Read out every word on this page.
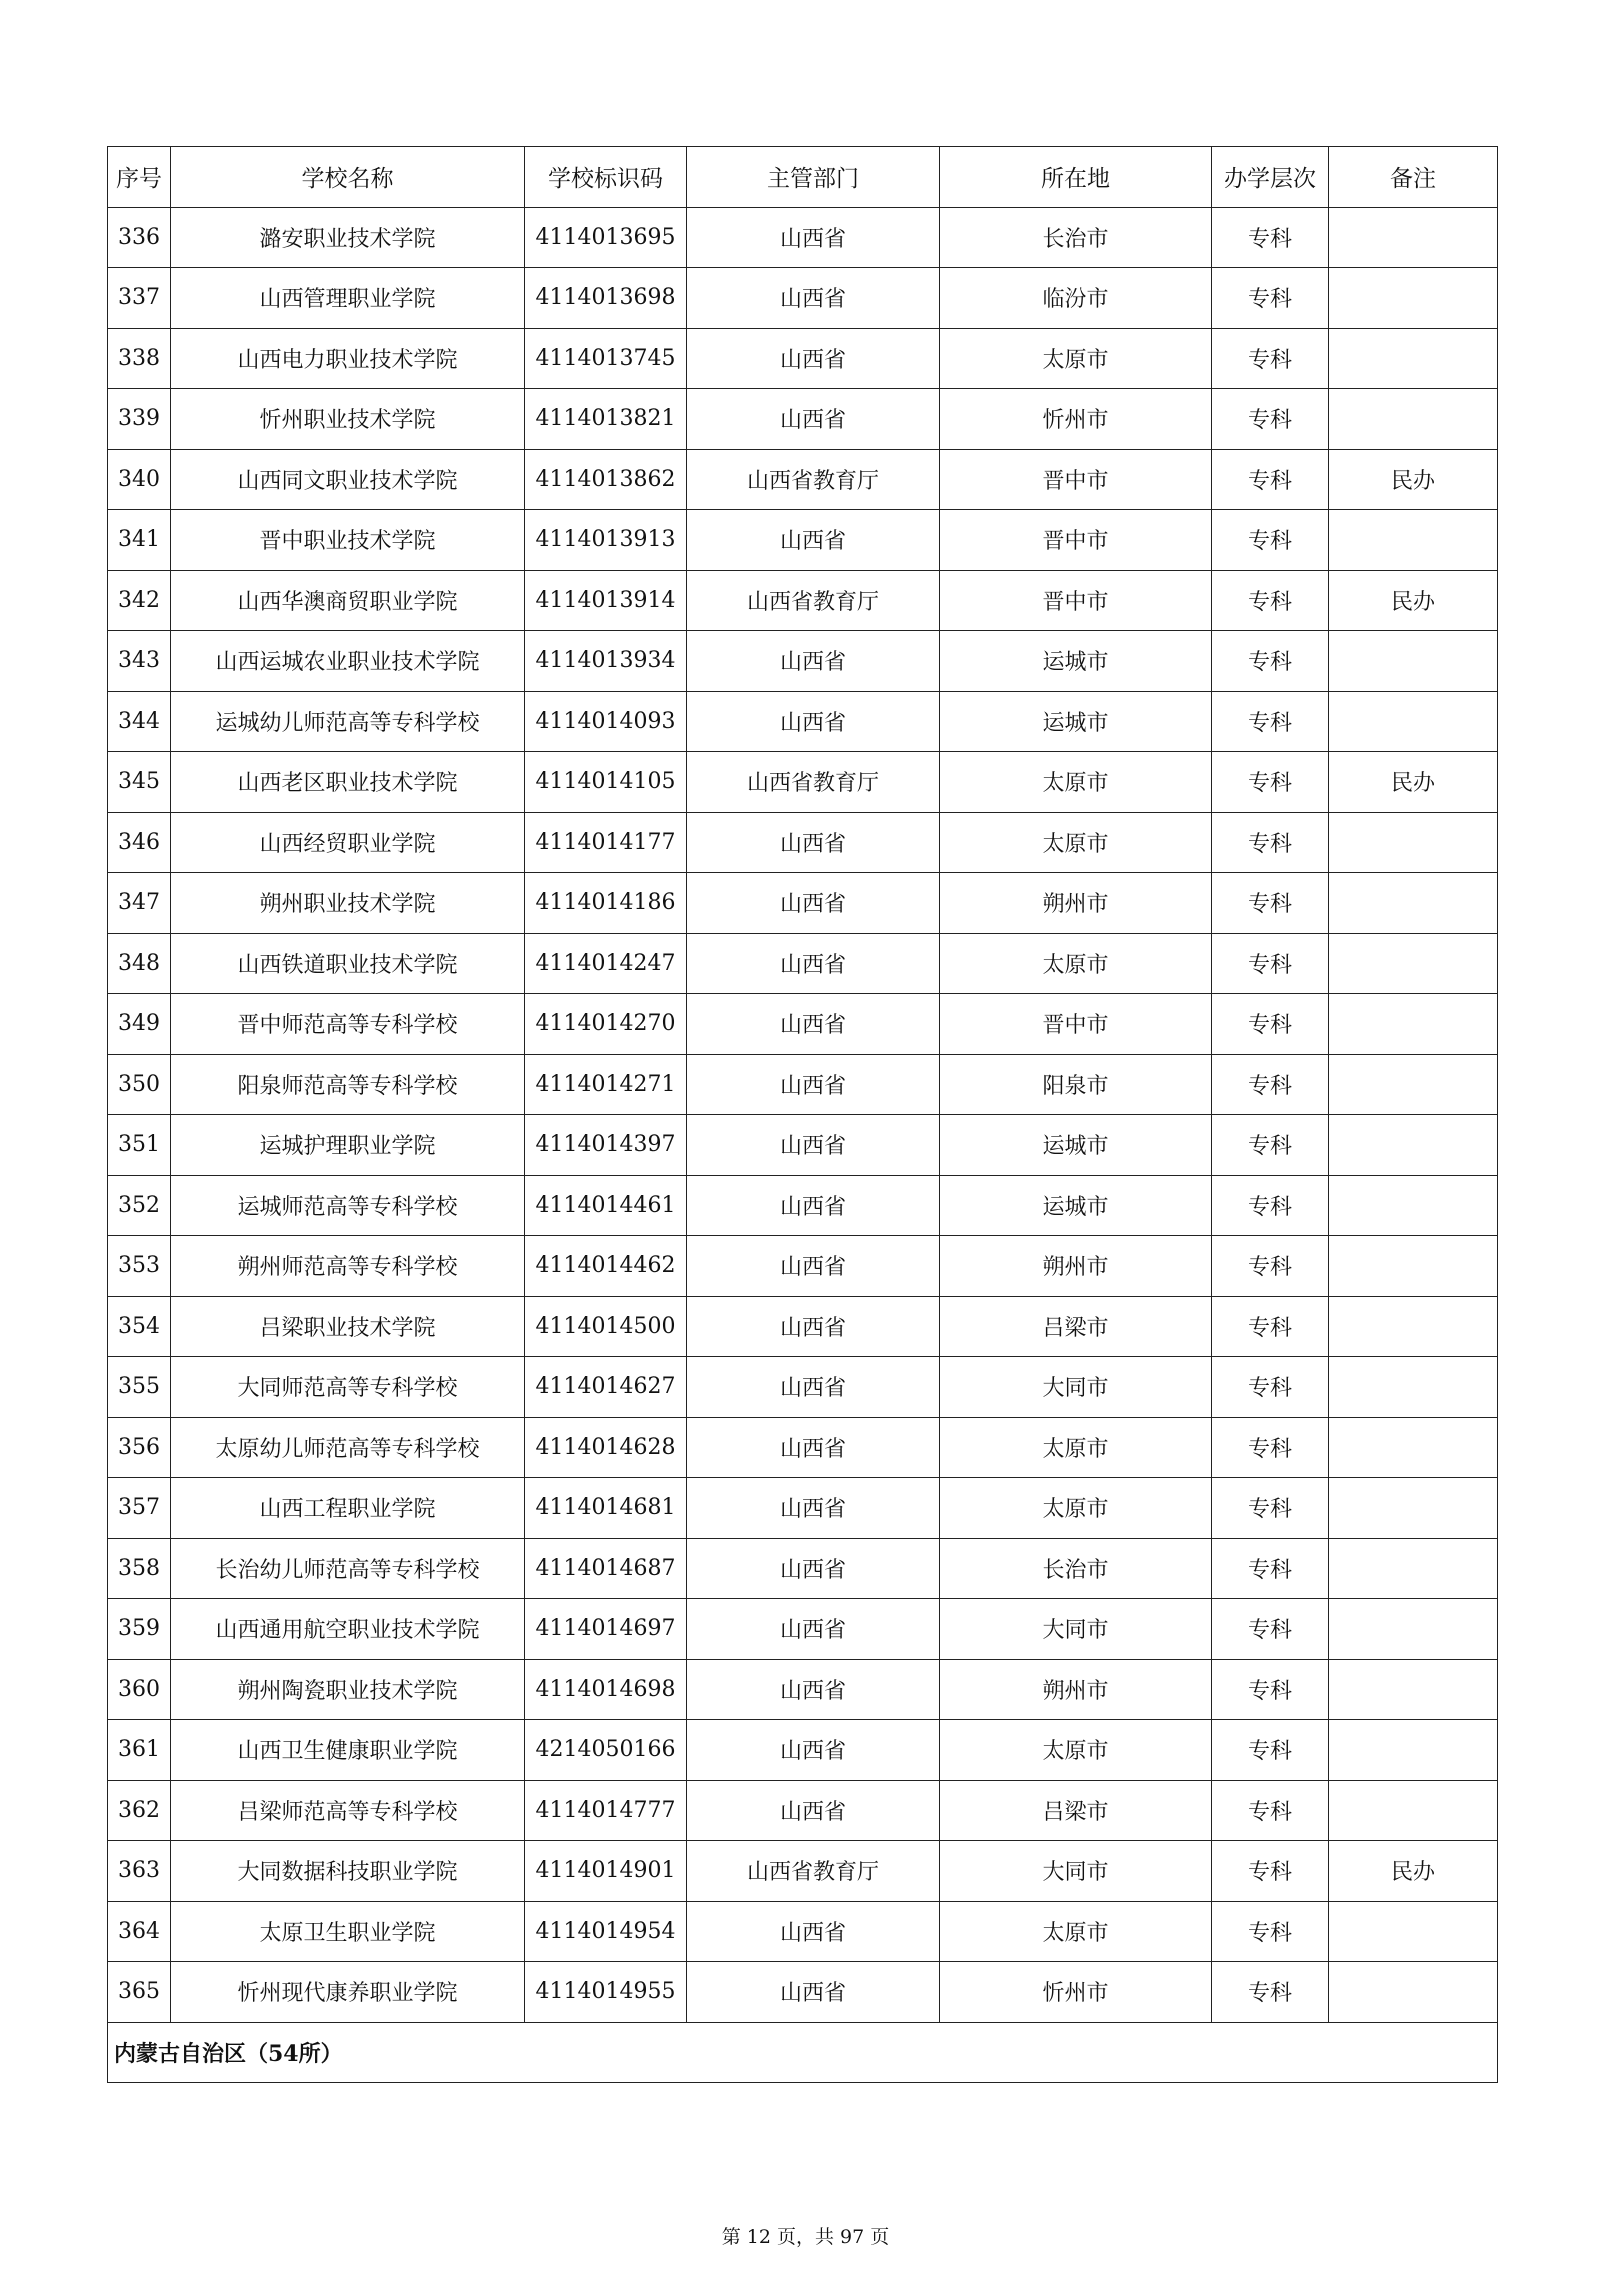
序号	学校名称	学校标识码	主管部门	所在地	办学层次	备注
336	潞安职业技术学院	4114013695	山西省	长治市	专科	
337	山西管理职业学院	4114013698	山西省	临汾市	专科	
338	山西电力职业技术学院	4114013745	山西省	太原市	专科	
339	忻州职业技术学院	4114013821	山西省	忻州市	专科	
340	山西同文职业技术学院	4114013862	山西省教育厅	晋中市	专科	民办
341	晋中职业技术学院	4114013913	山西省	晋中市	专科	
342	山西华澳商贸职业学院	4114013914	山西省教育厅	晋中市	专科	民办
343	山西运城农业职业技术学院	4114013934	山西省	运城市	专科	
344	运城幼儿师范高等专科学校	4114014093	山西省	运城市	专科	
345	山西老区职业技术学院	4114014105	山西省教育厅	太原市	专科	民办
346	山西经贸职业学院	4114014177	山西省	太原市	专科	
347	朔州职业技术学院	4114014186	山西省	朔州市	专科	
348	山西铁道职业技术学院	4114014247	山西省	太原市	专科	
349	晋中师范高等专科学校	4114014270	山西省	晋中市	专科	
350	阳泉师范高等专科学校	4114014271	山西省	阳泉市	专科	
351	运城护理职业学院	4114014397	山西省	运城市	专科	
352	运城师范高等专科学校	4114014461	山西省	运城市	专科	
353	朔州师范高等专科学校	4114014462	山西省	朔州市	专科	
354	吕梁职业技术学院	4114014500	山西省	吕梁市	专科	
355	大同师范高等专科学校	4114014627	山西省	大同市	专科	
356	太原幼儿师范高等专科学校	4114014628	山西省	太原市	专科	
357	山西工程职业学院	4114014681	山西省	太原市	专科	
358	长治幼儿师范高等专科学校	4114014687	山西省	长治市	专科	
359	山西通用航空职业技术学院	4114014697	山西省	大同市	专科	
360	朔州陶瓷职业技术学院	4114014698	山西省	朔州市	专科	
361	山西卫生健康职业学院	4214050166	山西省	太原市	专科	
362	吕梁师范高等专科学校	4114014777	山西省	吕梁市	专科	
363	大同数据科技职业学院	4114014901	山西省教育厅	大同市	专科	民办
364	太原卫生职业学院	4114014954	山西省	太原市	专科	
365	忻州现代康养职业学院	4114014955	山西省	忻州市	专科	
内蒙古自治区（54所）						
第 12 页，共 97 页
